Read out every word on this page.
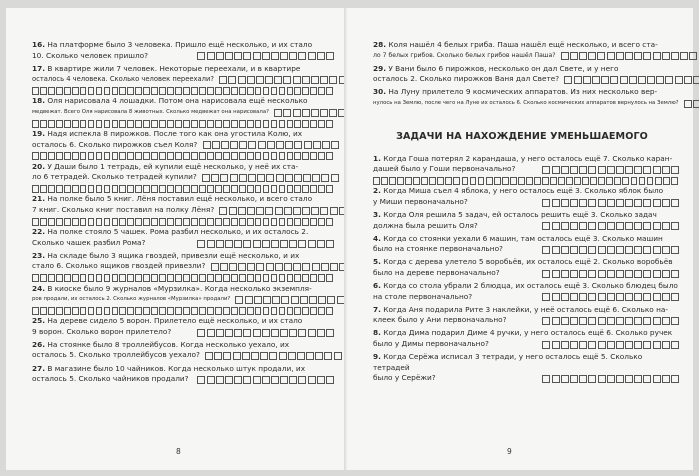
16. На платформе было 3 человека. Пришло ещё несколько, и их стало
10. Сколько человек пришло?
17. В квартире жили 7 человек. Некоторые переехали, и в квартире
осталось 4 человека. Сколько человек переехали?
18. Оля нарисовала 4 лошадки. Потом она нарисовала ещё несколько
медвежат. Всего Оля нарисовала 8 животных. Сколько медвежат она нарисовала?
19. Надя испекла 8 пирожков. После того как она угостила Колю, их
осталось 6. Сколько пирожков съел Коля?
20. У Даши было 1 тетрадь, ей купили ещё несколько, у неё их ста-
ло 6 тетрадей. Сколько тетрадей купили?
21. На полке было 5 книг. Лёня поставил ещё несколько, и всего стало
7 книг. Сколько книг поставил на полку Лёня?
22. На полке стояло 5 чашек. Рома разбил несколько, и их осталось 2.
Сколько чашек разбил Рома?
23. На складе было 3 ящика гвоздей, привезли ещё несколько, и их
стало 6. Сколько ящиков гвоздей привезли?
24. В киоске было 9 журналов «Мурзилка». Когда несколько экземпля-
ров продали, их осталось 2. Сколько журналов «Мурзилка» продали?
25. На дереве сидело 5 ворон. Прилетело ещё несколько, и их стало
9 ворон. Сколько ворон прилетело?
26. На стоянке было 8 троллейбусов. Когда несколько уехало, их
осталось 5. Сколько троллейбусов уехало?
27. В магазине было 10 чайников. Когда несколько штук продали, их
осталось 5. Сколько чайников продали?
8
28. Коля нашёл 4 белых гриба. Паша нашёл ещё несколько, и всего ста-
ло 7 белых грибов. Сколько белых грибов нашёл Паша?
29. У Вани было 6 пирожков, несколько он дал Свете, и у него
осталось 2. Сколько пирожков Ваня дал Свете?
30. На Луну прилетело 9 космических аппаратов. Из них несколько вер-
нулось на Землю, после чего на Луне их осталось 6. Сколько космических аппаратов вернулось на Землю?
ЗАДАЧИ НА НАХОЖДЕНИЕ УМЕНЬШАЕМОГО
1. Когда Гоша потерял 2 карандаша, у него осталось ещё 7. Сколько каран-
дашей было у Гоши первоначально?
2. Когда Миша съел 4 яблока, у него осталось ещё 3. Сколько яблок было
у Миши первоначально?
3. Когда Оля решила 5 задач, ей осталось решить ещё 3. Сколько задач
должна была решить Оля?
4. Когда со стоянки уехали 6 машин, там осталось ещё 3. Сколько машин
было на стоянке первоначально?
5. Когда с дерева улетело 5 воробьёв, их осталось ещё 2. Сколько воробьёв
было на дереве первоначально?
6. Когда со стола убрали 2 блюдца, их осталось ещё 3. Сколько блюдец было
на столе первоначально?
7. Когда Аня подарила Рите 3 наклейки, у неё осталось ещё 6. Сколько на-
клеек было у Ани первоначально?
8. Когда Дима подарил Диме 4 ручки, у него осталось ещё 6. Сколько ручек
было у Димы первоначально?
9. Когда Серёжа исписал 3 тетради, у него осталось ещё 5. Сколько тетрадей
было у Серёжи?
9
